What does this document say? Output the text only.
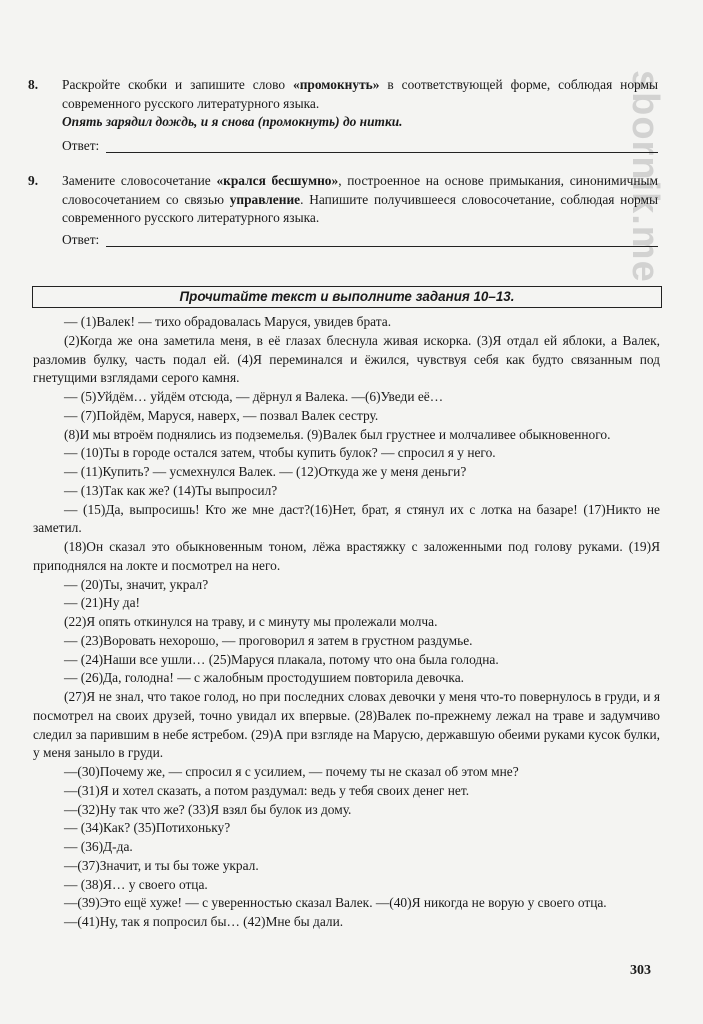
sbornik.me
8. Раскройте скобки и запишите слово «промокнуть» в соответствующей форме, соблюдая нормы современного русского литературного языка.
Опять зарядил дождь, и я снова (промокнуть) до нитки.
Ответ:
9. Замените словосочетание «крался бесшумно», построенное на основе примыкания, синонимичным словосочетанием со связью управление. Напишите получившееся словосочетание, соблюдая нормы современного русского литературного языка.
Ответ:
Прочитайте текст и выполните задания 10–13.

— (1)Валек! — тихо обрадовалась Маруся, увидев брата.

(2)Когда же она заметила меня, в её глазах блеснула живая искорка. (3)Я отдал ей яблоки, а Валек, разломив булку, часть подал ей. (4)Я переминался и ёжился, чувствуя себя как будто связанным под гнетущими взглядами серого камня.

— (5)Уйдём… уйдём отсюда, — дёрнул я Валека. —(6)Уведи её…

— (7)Пойдём, Маруся, наверх, — позвал Валек сестру.

(8)И мы втроём поднялись из подземелья. (9)Валек был грустнее и молчаливее обыкновенного.

— (10)Ты в городе остался затем, чтобы купить булок? — спросил я у него.

— (11)Купить? — усмехнулся Валек. — (12)Откуда же у меня деньги?

— (13)Так как же? (14)Ты выпросил?

— (15)Да, выпросишь! Кто же мне даст?(16)Нет, брат, я стянул их с лотка на базаре! (17)Никто не заметил.

(18)Он сказал это обыкновенным тоном, лёжа врастяжку с заложенными под голову руками. (19)Я приподнялся на локте и посмотрел на него.

— (20)Ты, значит, украл?

— (21)Ну да!

(22)Я опять откинулся на траву, и с минуту мы пролежали молча.

— (23)Воровать нехорошо, — проговорил я затем в грустном раздумье.

— (24)Наши все ушли… (25)Маруся плакала, потому что она была голодна.

— (26)Да, голодна! — с жалобным простодушием повторила девочка.

(27)Я не знал, что такое голод, но при последних словах девочки у меня что-то повернулось в груди, и я посмотрел на своих друзей, точно увидал их впервые. (28)Валек по-прежнему лежал на траве и задумчиво следил за парившим в небе ястребом. (29)А при взгляде на Марусю, державшую обеими руками кусок булки, у меня заныло в груди.

—(30)Почему же, — спросил я с усилием, — почему ты не сказал об этом мне?

—(31)Я и хотел сказать, а потом раздумал: ведь у тебя своих денег нет.

—(32)Ну так что же? (33)Я взял бы булок из дому.

— (34)Как? (35)Потихоньку?

— (36)Д-да.

—(37)Значит, и ты бы тоже украл.

— (38)Я… у своего отца.

—(39)Это ещё хуже! — с уверенностью сказал Валек. —(40)Я никогда не ворую у своего отца.

—(41)Ну, так я попросил бы… (42)Мне бы дали.

303
